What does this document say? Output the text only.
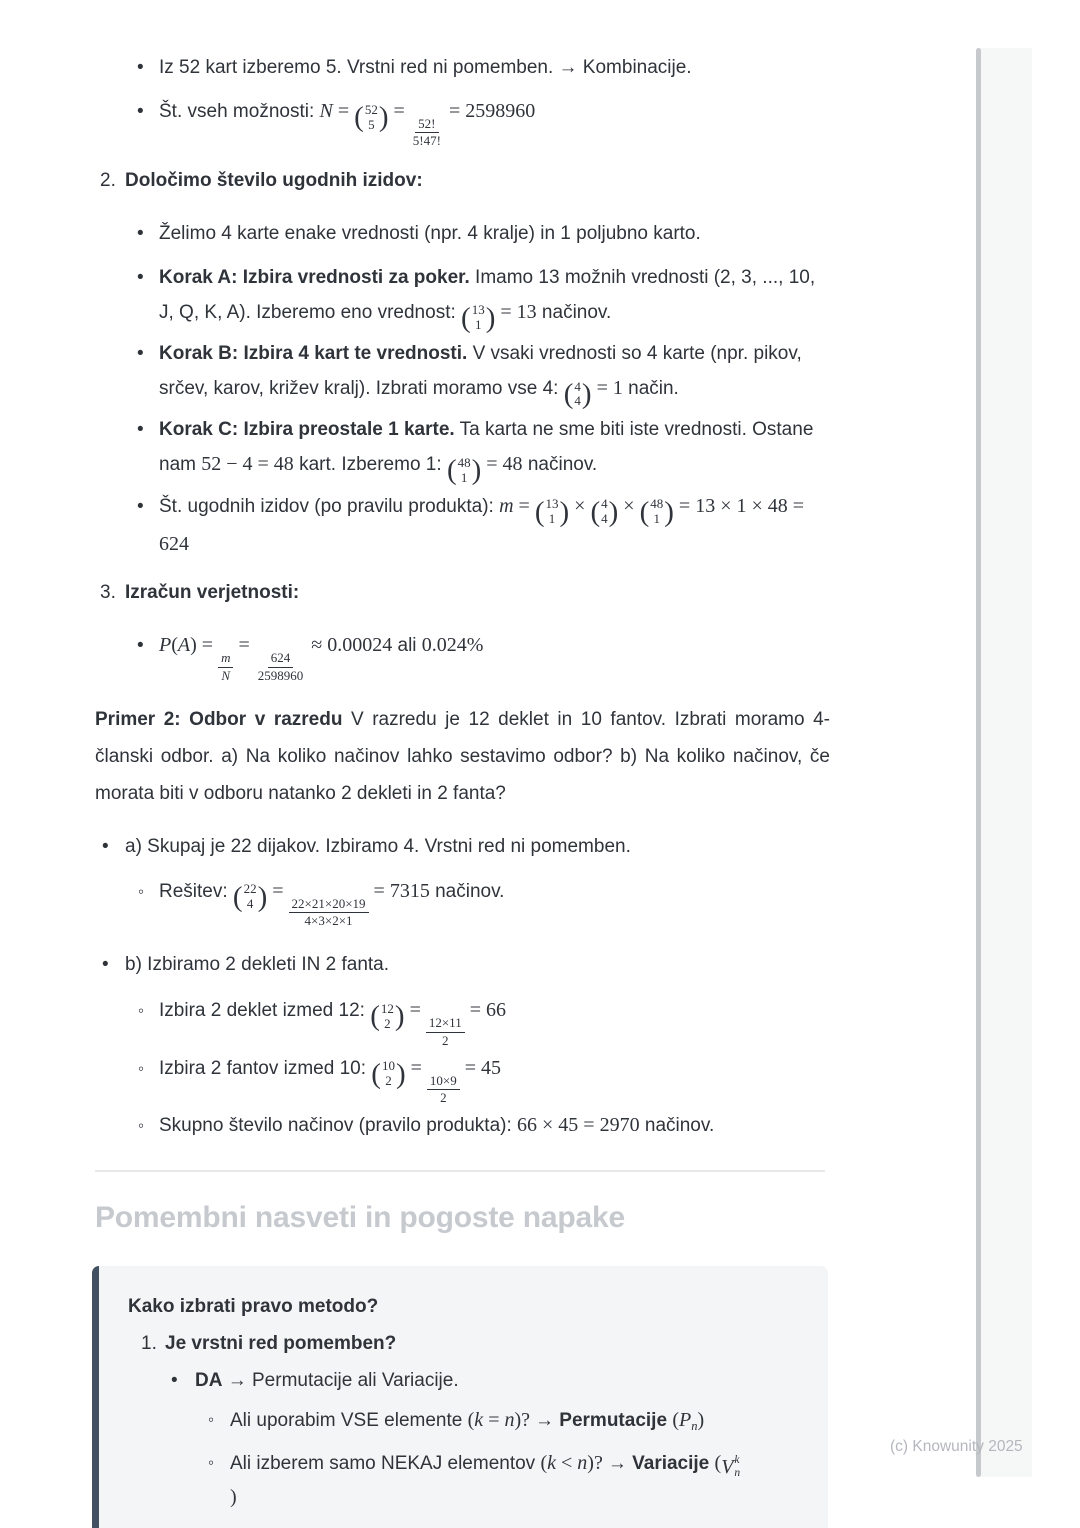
• Iz 52 kart izberemo 5. Vrstni red ni pomemben. → Kombinacije.
• Št. vseh možnosti: N = ( 52
5 ) =
$\frac{52!}{5!47!}$
= 2598960
2. Določimo število ugodnih izidov:
• Želimo 4 karte enake vrednosti (npr. 4 kralje) in 1 poljubno karto.
• Korak A: Izbira vrednosti za poker. Imamo 13 možnih vrednosti (2, 3, ..., 10, J, Q, K, A). Izberemo eno vrednost: ( 13
1 ) = 13 načinov.
• Korak B: Izbira 4 kart te vrednosti. V vsaki vrednosti so 4 karte (npr. pikov, srčev, karov, križev kralj). Izbrati moramo vse 4: ( 4
4 ) = 1 način.
• Korak C: Izbira preostale 1 karte. Ta karta ne sme biti iste vrednosti. Ostane nam 52 − 4 = 48 kart. Izberemo 1: ( 48
1 ) = 48 načinov.
• Št. ugodnih izidov (po pravilu produkta): m = ( 13
1 ) × ( 4
4 ) × ( 48
1 ) = 13 × 1 × 48 = 624
3. Izračun verjetnosti:
• P(A) =
$\frac{m}{N}$
=
$\frac{624}{2598960}$
≈ 0.00024 ali 0.024%
Primer 2: Odbor v razredu V razredu je 12 deklet in 10 fantov. Izbrati moramo 4-članski odbor. a) Na koliko načinov lahko sestavimo odbor? b) Na koliko načinov, če morata biti v odboru natanko 2 dekleti in 2 fanta?
• a) Skupaj je 22 dijakov. Izbiramo 4. Vrstni red ni pomemben.
◦ Rešitev: ( 22
4 ) =
$\frac{22\times 21\times 20\times 19}{4\times 3\times 2\times 1}$
= 7315 načinov.
• b) Izbiramo 2 dekleti IN 2 fanta.
◦ Izbira 2 deklet izmed 12: ( 12
2 ) =
$\frac{12\times 11}{2}$
= 66
◦ Izbira 2 fantov izmed 10: ( 10
2 ) =
$\frac{10\times 9}{2}$
= 45
◦ Skupno število načinov (pravilo produkta): 66 × 45 = 2970 načinov.
Pomembni nasveti in pogoste napake
Kako izbrati pravo metodo?
1. Je vrstni red pomemben?
• DA → Permutacije ali Variacije.
◦ Ali uporabim VSE elemente (k = n)? → Permutacije $(P_n)$
◦ Ali izberem samo NEKAJ elementov (k < n)? → Variacije ( V k
n

)
(c) Knowunity 2025
